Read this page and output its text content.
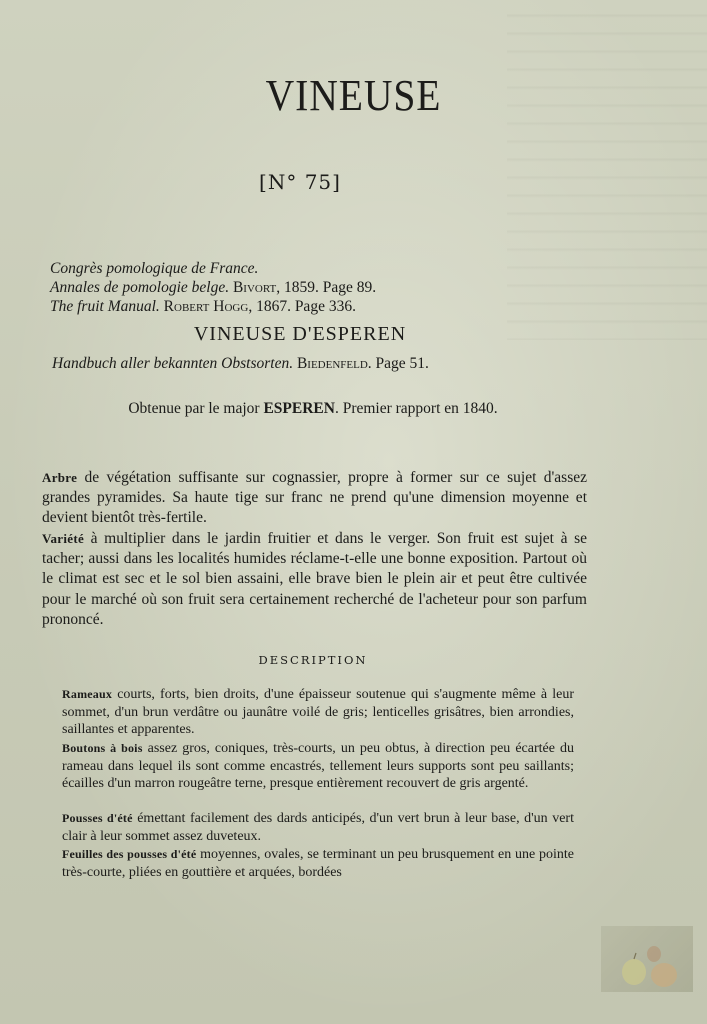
VINEUSE
[N° 75]
Congrès pomologique de France.
Annales de pomologie belge. Bivort, 1859. Page 89.
The fruit Manual. Robert Hogg, 1867. Page 336.
VINEUSE D'ESPEREN
Handbuch aller bekannten Obstsorten. Biedenfeld. Page 51.
Obtenue par le major ESPEREN. Premier rapport en 1840.
Arbre de végétation suffisante sur cognassier, propre à former sur ce sujet d'assez grandes pyramides. Sa haute tige sur franc ne prend qu'une dimension moyenne et devient bientôt très-fertile.
Variété à multiplier dans le jardin fruitier et dans le verger. Son fruit est sujet à se tacher; aussi dans les localités humides réclame-t-elle une bonne exposition. Partout où le climat est sec et le sol bien assaini, elle brave bien le plein air et peut être cultivée pour le marché où son fruit sera certainement recherché de l'acheteur pour son parfum prononcé.
DESCRIPTION
Rameaux courts, forts, bien droits, d'une épaisseur soutenue qui s'augmente même à leur sommet, d'un brun verdâtre ou jaunâtre voilé de gris; lenticelles grisâtres, bien arrondies, saillantes et apparentes.
Boutons à bois assez gros, coniques, très-courts, un peu obtus, à direction peu écartée du rameau dans lequel ils sont comme encastrés, tellement leurs supports sont peu saillants; écailles d'un marron rougeâtre terne, presque entièrement recouvert de gris argenté.
Pousses d'été émettant facilement des dards anticipés, d'un vert brun à leur base, d'un vert clair à leur sommet assez duveteux.
Feuilles des pousses d'été moyennes, ovales, se terminant un peu brusquement en une pointe très-courte, pliées en gouttière et arquées, bordées
